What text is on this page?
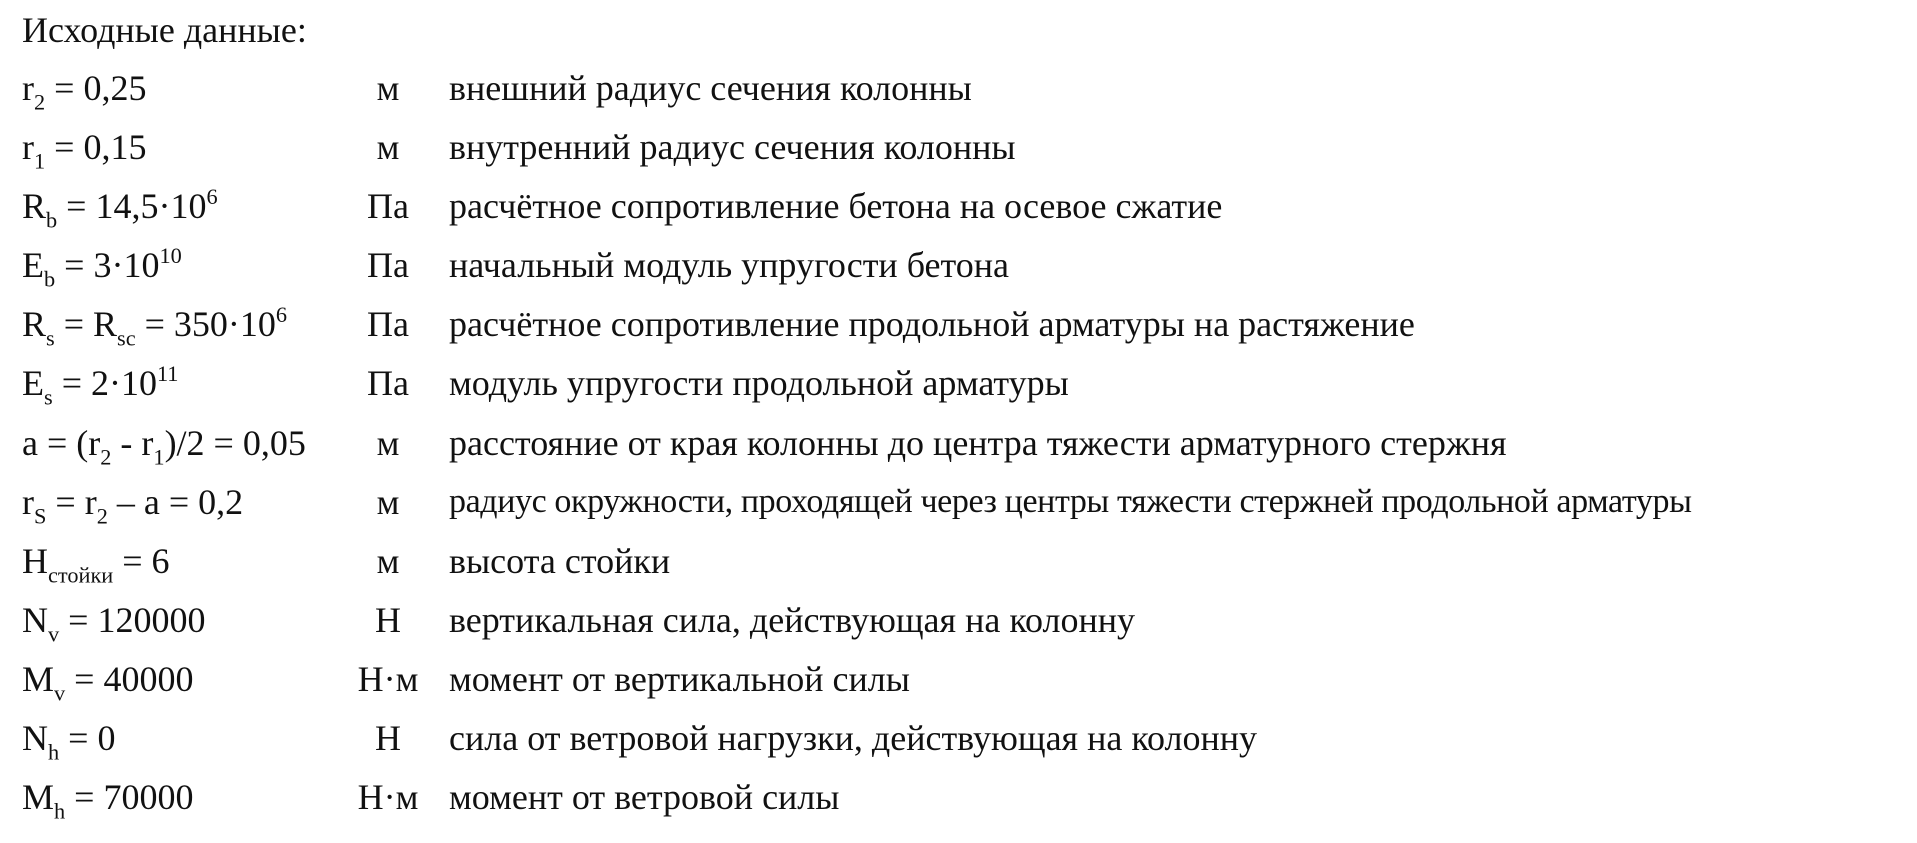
Исходные данные:
$r_2 = 0,25$	м	внешний радиус сечения колонны
$r_1 = 0,15$	м	внутренний радиус сечения колонны
$R_b = 14,5\cdot 10^6$	Па	расчётное сопротивление бетона на осевое сжатие
$E_b = 3\cdot 10^{10}$	Па	начальный модуль упругости бетона
$R_s = R_{sc} = 350\cdot 10^6$	Па	расчётное сопротивление продольной арматуры на растяжение
$E_s = 2\cdot 10^{11}$	Па	модуль упругости продольной арматуры
$a = (r_2 - r_1)/2 = 0,05$	м	расстояние от края колонны до центра тяжести арматурного стержня
$r_S = r_2 - a = 0,2$	м	радиус окружности, проходящей через центры тяжести стержней продольной арматуры
$H_{стойки} = 6$	м	высота стойки
$N_v = 120000$	Н	вертикальная сила, действующая на колонну
$M_v = 40000$	Н·м момент от вертикальной силы
$N_h = 0$	Н	сила от ветровой нагрузки, действующая на колонну
$M_h = 70000$	Н·м момент от ветровой силы
